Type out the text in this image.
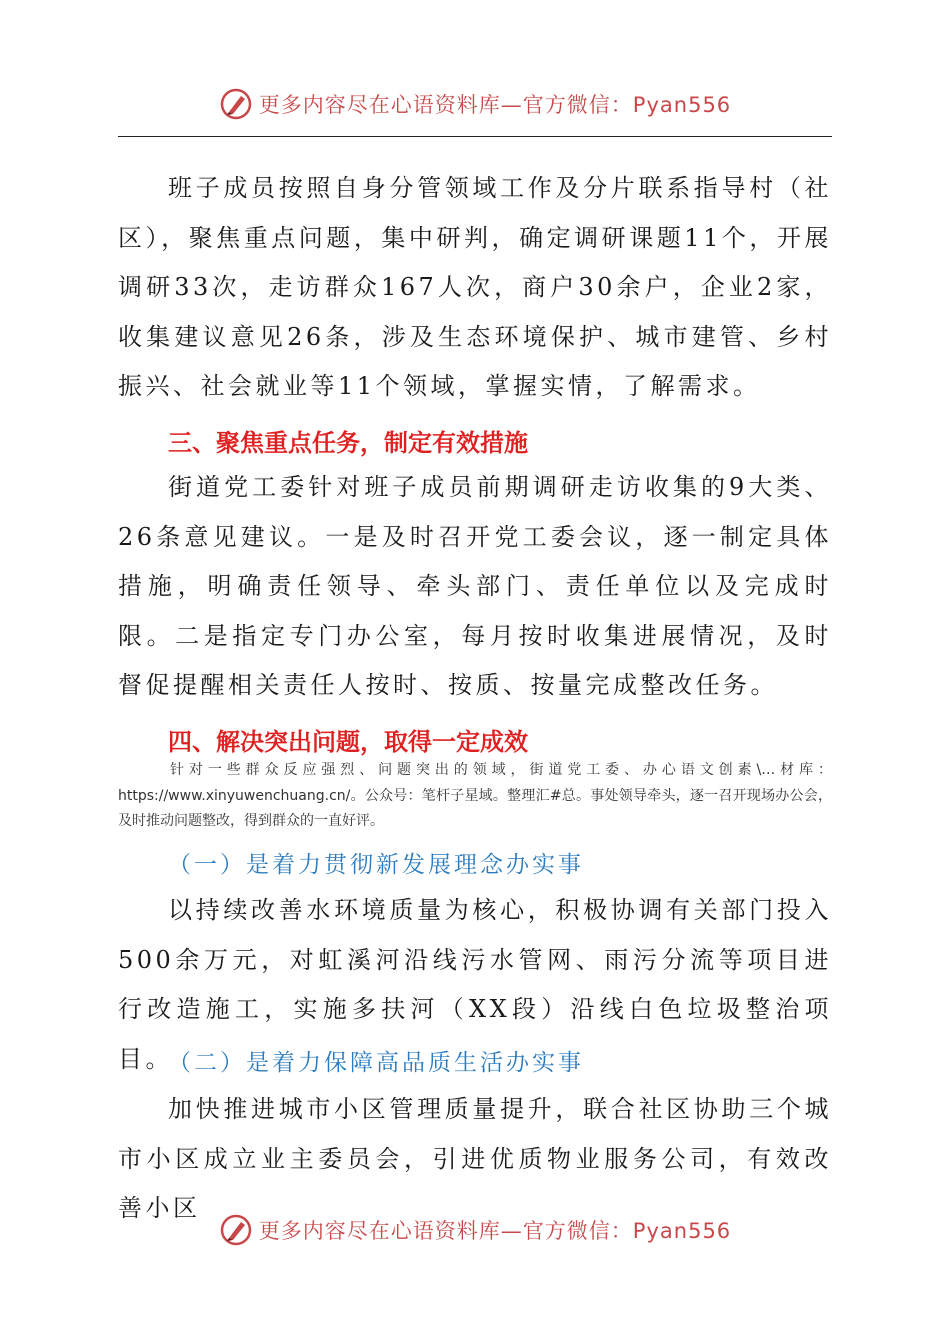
更多内容尽在心语资料库—官方微信：Pyan556

班子成员按照自身分管领域工作及分片联系指导村（社区），聚焦重点问题，集中研判，确定调研课题11个，开展调研33次，走访群众167人次，商户30余户，企业2家，收集建议意见26条，涉及生态环境保护、城市建管、乡村振兴、社会就业等11个领域，掌握实情，了解需求。

三、聚焦重点任务，制定有效措施

街道党工委针对班子成员前期调研走访收集的9大类、26条意见建议。一是及时召开党工委会议，逐一制定具体措施，明确责任领导、牵头部门、责任单位以及完成时限。二是指定专门办公室，每月按时收集进展情况，及时督促提醒相关责任人按时、按质、按量完成整改任务。

四、解决突出问题，取得一定成效

针对一些群众反应强烈、问题突出的领域，街道党工委、办心语文创素\…材库：https://www.xinyuwenchuang.cn/。公众号：笔杆子星域。整理汇#总。事处领导牵头，逐一召开现场办公会，及时推动问题整改，得到群众的一直好评。

（一）是着力贯彻新发展理念办实事

以持续改善水环境质量为核心，积极协调有关部门投入500余万元，对虹溪河沿线污水管网、雨污分流等项目进行改造施工，实施多扶河（XX段）沿线白色垃圾整治项目。

（二）是着力保障高品质生活办实事

加快推进城市小区管理质量提升，联合社区协助三个城市小区成立业主委员会，引进优质物业服务公司，有效改善小区

更多内容尽在心语资料库—官方微信：Pyan556
